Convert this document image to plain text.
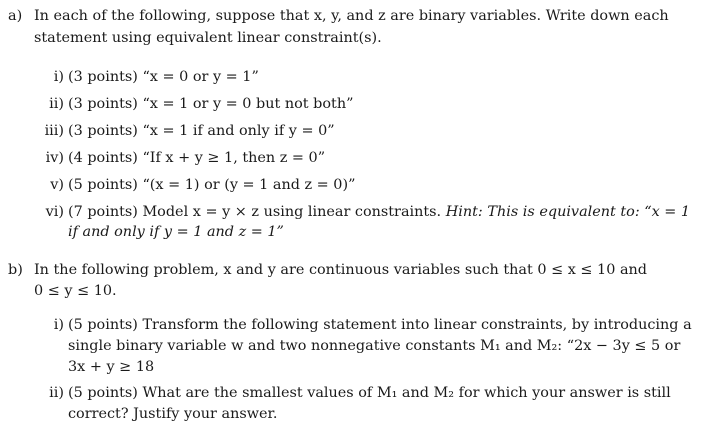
a) In each of the following, suppose that x, y, and z are binary variables. Write down each
statement using equivalent linear constraint(s).
i) (3 points) “x = 0 or y = 1”
ii) (3 points) “x = 1 or y = 0 but not both”
iii) (3 points) “x = 1 if and only if y = 0”
iv) (4 points) “If x + y ≥ 1, then z = 0”
v) (5 points) “(x = 1) or (y = 1 and z = 0)”
vi) (7 points) Model x = y × z using linear constraints. Hint: This is equivalent to: “x = 1
if and only if y = 1 and z = 1”
b) In the following problem, x and y are continuous variables such that 0 ≤ x ≤ 10 and
0 ≤ y ≤ 10.
i) (5 points) Transform the following statement into linear constraints, by introducing a
single binary variable w and two nonnegative constants M₁ and M₂: “2x − 3y ≤ 5 or
3x + y ≥ 18
ii) (5 points) What are the smallest values of M₁ and M₂ for which your answer is still
correct? Justify your answer.
